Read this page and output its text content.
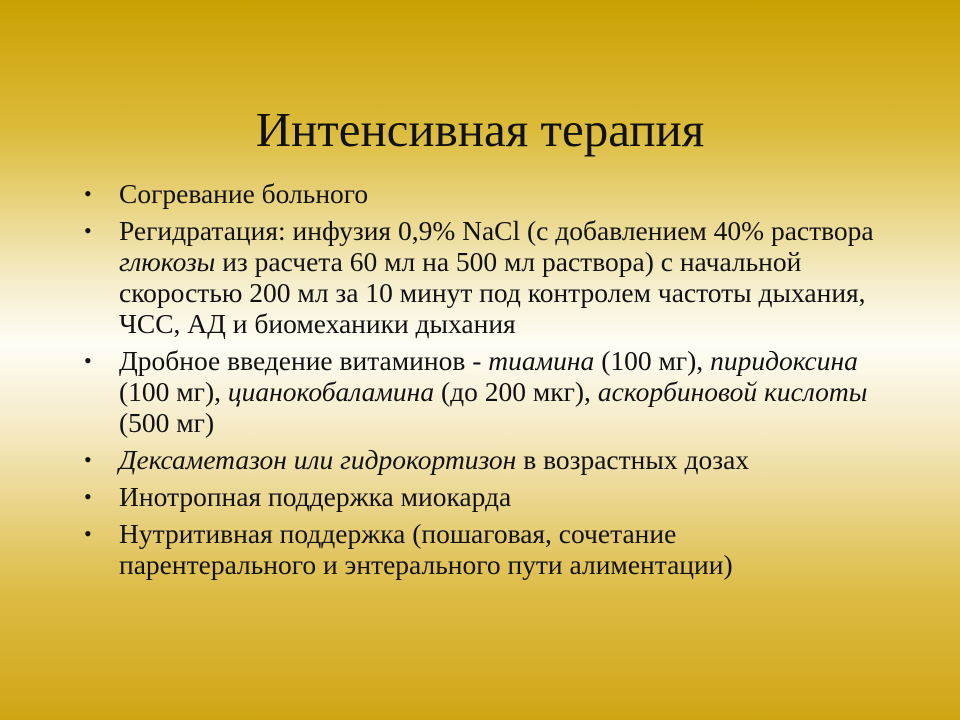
Интенсивная терапия
• Согревание больного
• Регидратация: инфузия 0,9% NaCl (с добавлением 40% раствора глюкозы из расчета 60 мл на 500 мл раствора) с начальной скоростью 200 мл за 10 минут под контролем частоты дыхания, ЧСС, АД и биомеханики дыхания
• Дробное введение витаминов - тиамина (100 мг), пиридоксина (100 мг), цианокобаламина (до 200 мкг), аскорбиновой кислоты (500 мг)
• Дексаметазон или гидрокортизон в возрастных дозах
• Инотропная поддержка миокарда
• Нутритивная поддержка (пошаговая, сочетание парентерального и энтерального пути алиментации)
